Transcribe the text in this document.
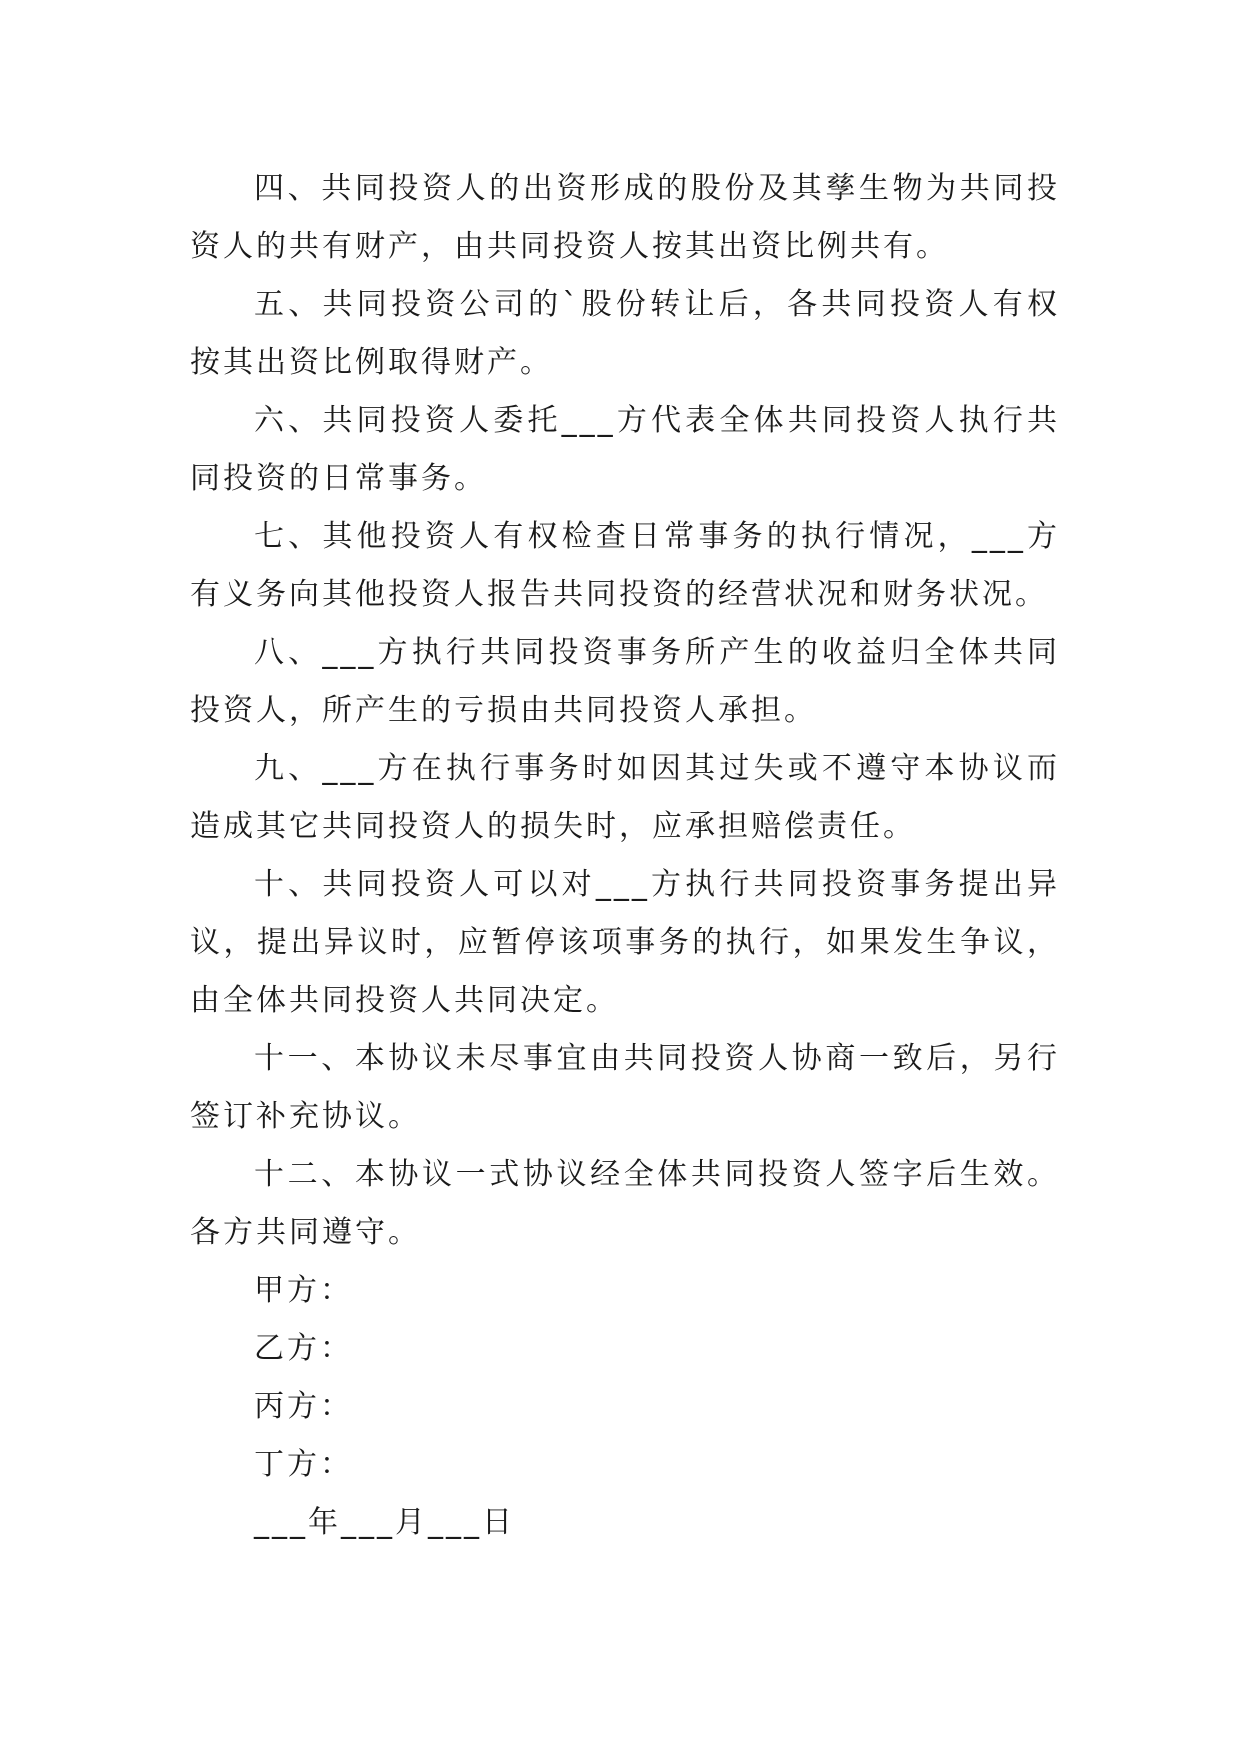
四、共同投资人的出资形成的股份及其孳生物为共同投资人的共有财产，由共同投资人按其出资比例共有。

五、共同投资公司的`股份转让后，各共同投资人有权按其出资比例取得财产。

六、共同投资人委托___方代表全体共同投资人执行共同投资的日常事务。

七、其他投资人有权检查日常事务的执行情况，___方有义务向其他投资人报告共同投资的经营状况和财务状况。

八、___方执行共同投资事务所产生的收益归全体共同投资人，所产生的亏损由共同投资人承担。

九、___方在执行事务时如因其过失或不遵守本协议而造成其它共同投资人的损失时，应承担赔偿责任。

十、共同投资人可以对___方执行共同投资事务提出异议，提出异议时，应暂停该项事务的执行，如果发生争议，由全体共同投资人共同决定。

十一、本协议未尽事宜由共同投资人协商一致后，另行签订补充协议。

十二、本协议一式协议经全体共同投资人签字后生效。各方共同遵守。

甲方：

乙方：

丙方：

丁方：

___年___月___日
